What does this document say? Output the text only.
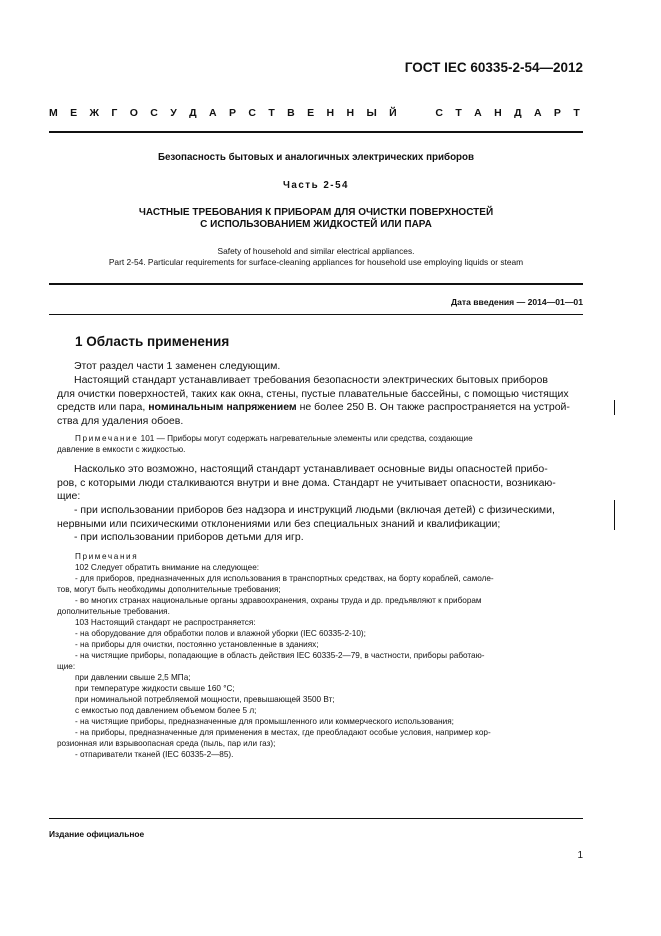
ГОСТ IEC 60335-2-54—2012
М Е Ж Г О С У Д А Р С Т В Е Н Н Ы Й	С Т А Н Д А Р Т
Безопасность бытовых и аналогичных электрических приборов
Часть 2-54
ЧАСТНЫЕ ТРЕБОВАНИЯ К ПРИБОРАМ ДЛЯ ОЧИСТКИ ПОВЕРХНОСТЕЙ
С ИСПОЛЬЗОВАНИЕМ ЖИДКОСТЕЙ ИЛИ ПАРА
Safety of household and similar electrical appliances.
Part 2-54. Particular requirements for surface-cleaning appliances for household use employing liquids or steam
Дата введения — 2014—01—01
1 Область применения
Этот раздел части 1 заменен следующим.
Настоящий стандарт устанавливает требования безопасности электрических бытовых приборов
для очистки поверхностей, таких как окна, стены, пустые плавательные бассейны, с помощью чистящих
средств или пара, номинальным напряжением не более 250 В. Он также распространяется на устрой-
ства для удаления обоев.
Примечание 101 — Приборы могут содержать нагревательные элементы или средства, создающие
давление в емкости с жидкостью.
Насколько это возможно, настоящий стандарт устанавливает основные виды опасностей прибо-
ров, с которыми люди сталкиваются внутри и вне дома. Стандарт не учитывает опасности, возникаю-
щие:
- при использовании приборов без надзора и инструкций людьми (включая детей) с физическими,
нервными или психическими отклонениями или без специальных знаний и квалификации;
- при использовании приборов детьми для игр.
Примечания
102 Следует обратить внимание на следующее:
- для приборов, предназначенных для использования в транспортных средствах, на борту кораблей, самоле-
тов, могут быть необходимы дополнительные требования;
- во многих странах национальные органы здравоохранения, охраны труда и др. предъявляют к приборам
дополнительные требования.
103 Настоящий стандарт не распространяется:
- на оборудование для обработки полов и влажной уборки (IEC 60335-2-10);
- на приборы для очистки, постоянно установленные в зданиях;
- на чистящие приборы, попадающие в область действия IEC 60335-2—79, в частности, приборы работаю-
щие:
при давлении свыше 2,5 МПа;
при температуре жидкости свыше 160 °С;
при номинальной потребляемой мощности, превышающей 3500 Вт;
с емкостью под давлением объемом более 5 л;
- на чистящие приборы, предназначенные для промышленного или коммерческого использования;
- на приборы, предназначенные для применения в местах, где преобладают особые условия, например кор-
розионная или взрывоопасная среда (пыль, пар или газ);
- отпариватели тканей (IEC 60335-2—85).
Издание официальное
1
